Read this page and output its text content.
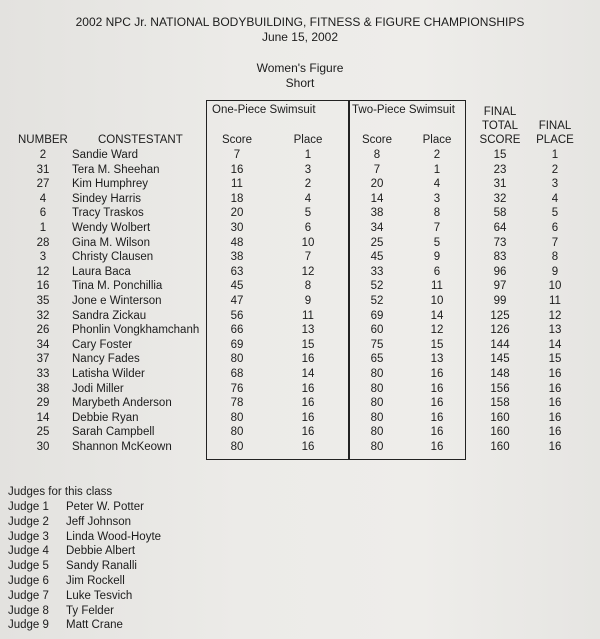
2002 NPC Jr. NATIONAL BODYBUILDING, FITNESS & FIGURE CHAMPIONSHIPS
June 15, 2002
Women's Figure
Short
One-Piece Swimsuit	Two-Piece Swimsuit	FINAL
TOTAL
SCORE
FINAL
PLACE
NUMBER	CONSTESTANT	Score	Place	Score	Place
2	Sandie Ward	7	1	8	2	15	1
31	Tera M. Sheehan	16	3	7	1	23	2
27	Kim Humphrey	11	2	20	4	31	3
4	Sindey Harris	18	4	14	3	32	4
6	Tracy Traskos	20	5	38	8	58	5
1	Wendy Wolbert	30	6	34	7	64	6
28	Gina M. Wilson	48	10	25	5	73	7
3	Christy Clausen	38	7	45	9	83	8
12	Laura Baca	63	12	33	6	96	9
16	Tina M. Ponchillia	45	8	52	11	97	10
35	Jone e Winterson	47	9	52	10	99	11
32	Sandra Zickau	56	11	69	14	125	12
26	Phonlin Vongkhamchanh	66	13	60	12	126	13
34	Cary Foster	69	15	75	15	144	14
37	Nancy Fades	80	16	65	13	145	15
33	Latisha Wilder	68	14	80	16	148	16
38	Jodi Miller	76	16	80	16	156	16
29	Marybeth Anderson	78	16	80	16	158	16
14	Debbie Ryan	80	16	80	16	160	16
25	Sarah Campbell	80	16	80	16	160	16
30	Shannon McKeown	80	16	80	16	160	16
Judges for this class
Judge 1 Peter W. Potter
Judge 2 Jeff Johnson
Judge 3 Linda Wood-Hoyte
Judge 4 Debbie Albert
Judge 5 Sandy Ranalli
Judge 6 Jim Rockell
Judge 7 Luke Tesvich
Judge 8 Ty Felder
Judge 9 Matt Crane
